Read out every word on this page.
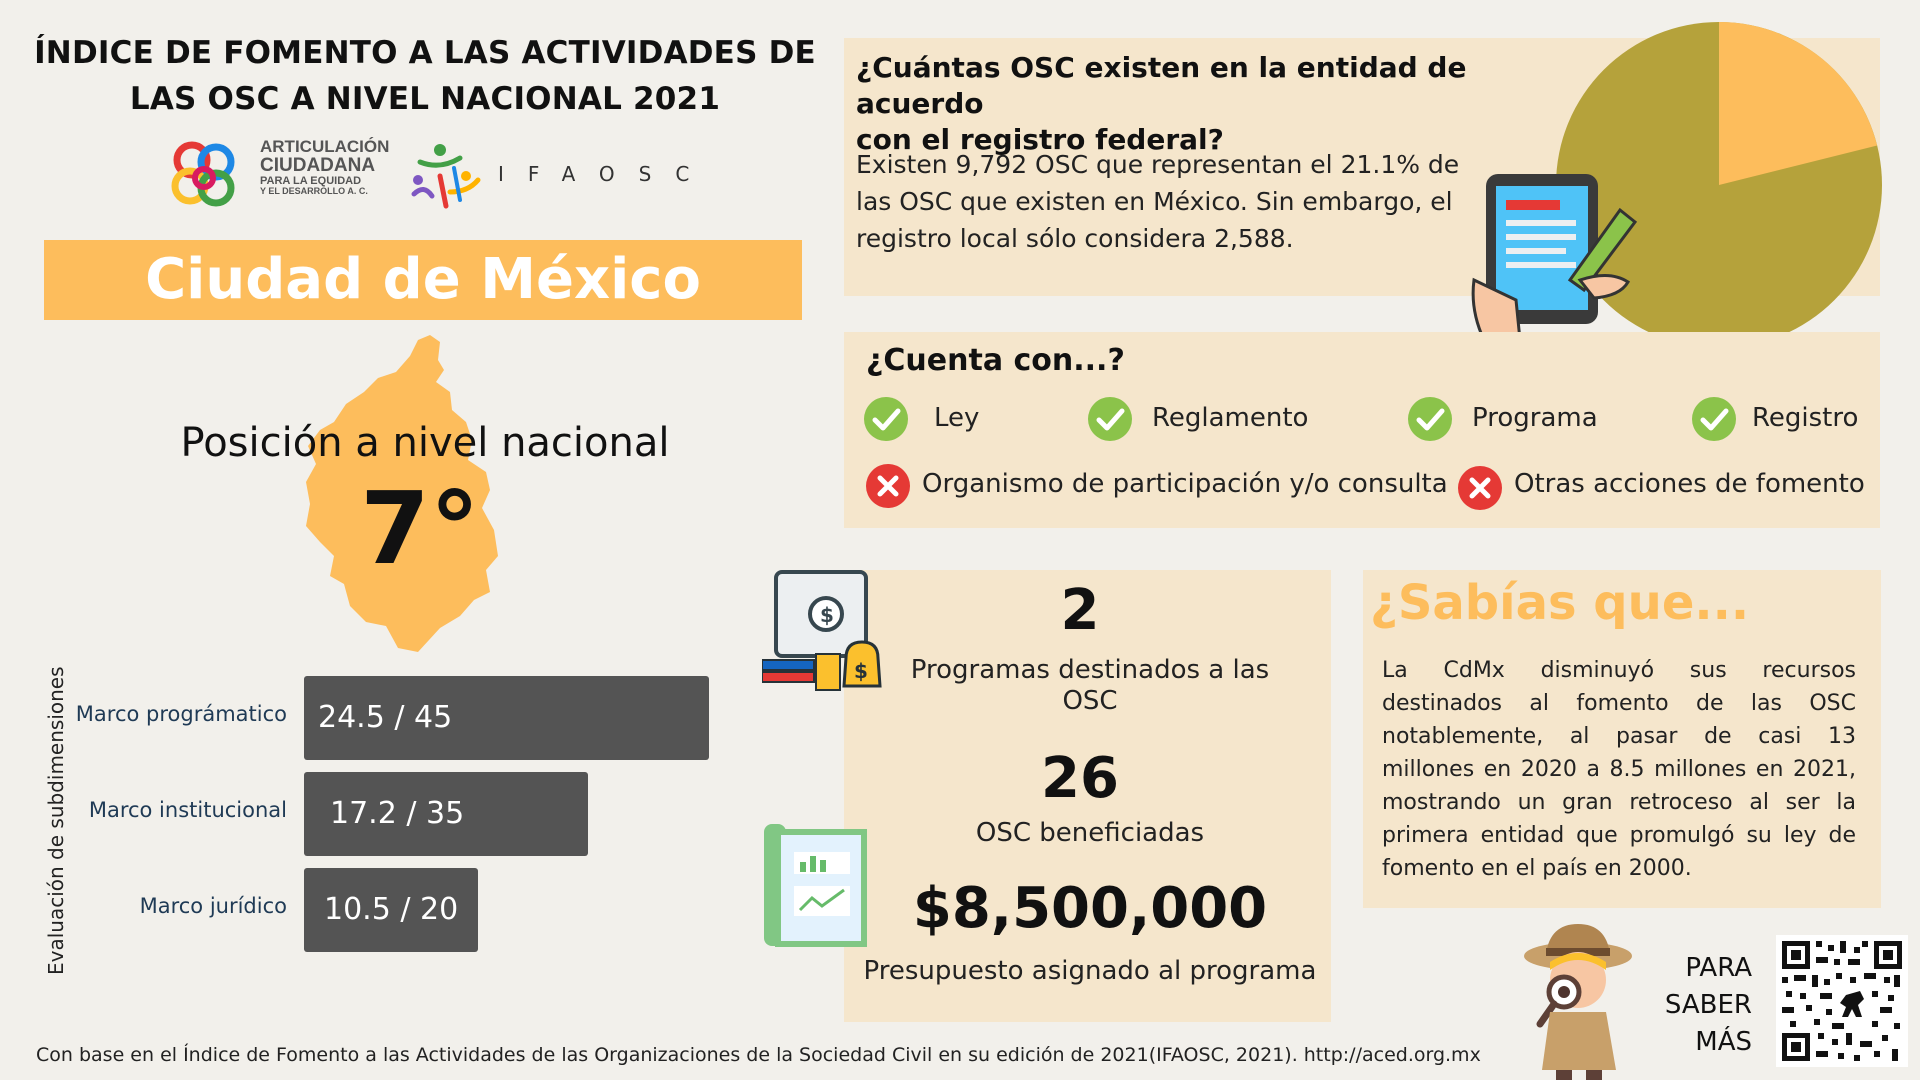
ÍNDICE DE FOMENTO A LAS ACTIVIDADES DE
LAS OSC A NIVEL NACIONAL 2021
ARTICULACIÓN
CIUDADANA
PARA LA EQUIDAD
Y EL DESARROLLO A. C.
IFAOSC
Ciudad de México
Posición a nivel nacional
7°
Evaluación de subdimensiones Marco prográmatico	24.5 / 45
Marco institucional	17.2 / 35
Marco jurídico	10.5 / 20
¿Cuántas OSC existen en la entidad de acuerdo
con el registro federal?
Existen 9,792 OSC que representan el 21.1% de
las OSC que existen en México. Sin embargo, el
registro local sólo considera 2,588.
¿Cuenta con...?
Ley	Reglamento	Programa	Registro
Organismo de participación y/o consulta	Otras acciones de fomento
$
$
2
Programas destinados a las
OSC
26
OSC beneficiadas
$8,500,000
Presupuesto asignado al programa
¿Sabías que...
La CdMx disminuyó sus recursos destinados al fomento de las OSC notablemente, al pasar de casi 13 millones en 2020 a 8.5 millones en 2021, mostrando un gran retroceso al ser la primera entidad que promulgó su ley de fomento en el país en 2000.
PARA
SABER
MÁS
Con base en el Índice de Fomento a las Actividades de las Organizaciones de la Sociedad Civil en su edición de 2021(IFAOSC, 2021). http://aced.org.mx
